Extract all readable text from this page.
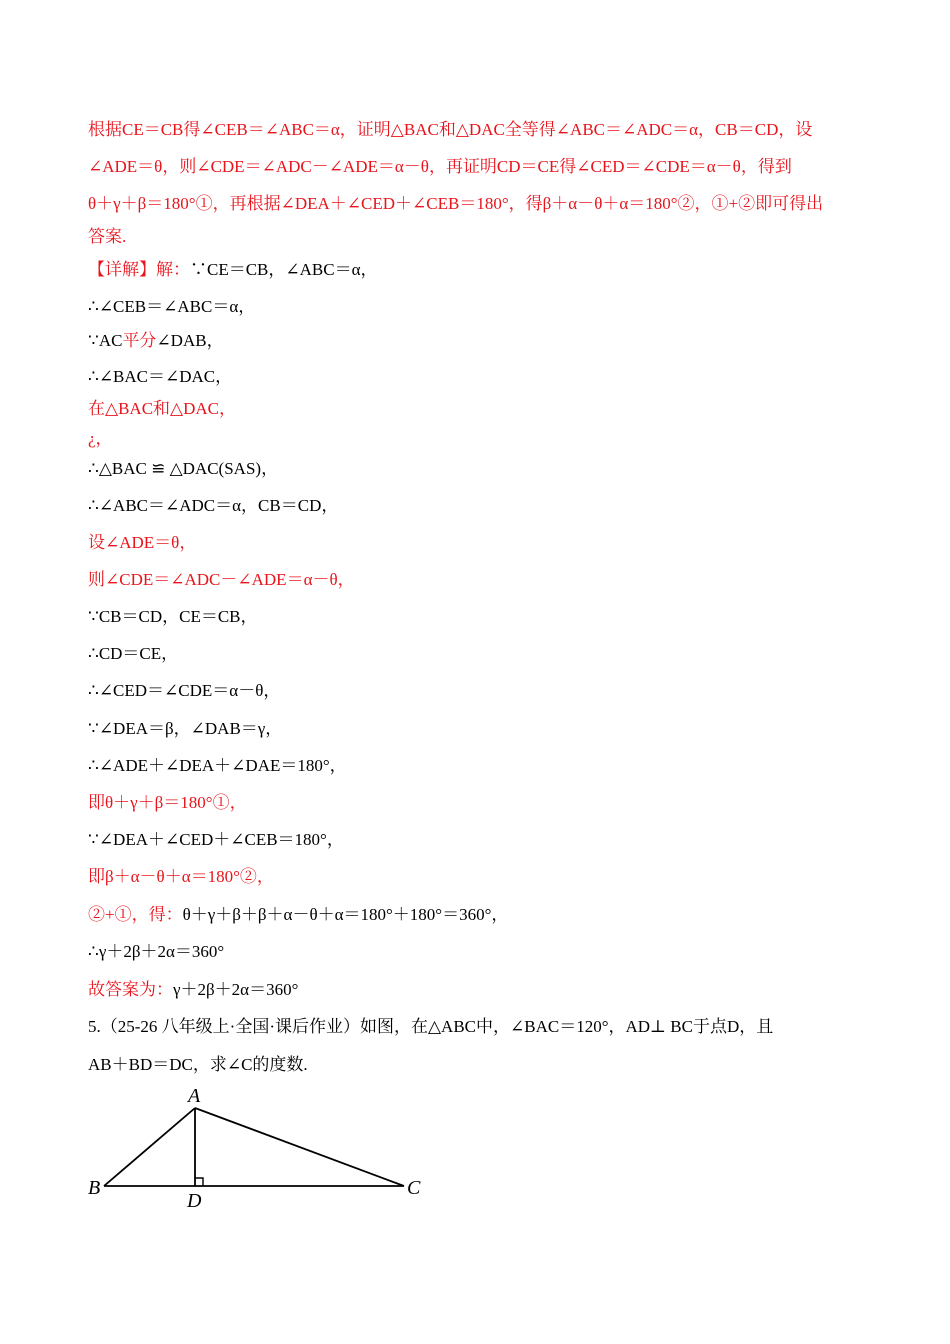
根据CE＝CB得∠CEB＝∠ABC＝α，证明△BAC和△DAC全等得∠ABC＝∠ADC＝α，CB＝CD，设
∠ADE＝θ，则∠CDE＝∠ADC－∠ADE＝α－θ，再证明CD＝CE得∠CED＝∠CDE＝α－θ，得到
θ＋γ＋β＝180°①，再根据∠DEA＋∠CED＋∠CEB＝180°，得β＋α－θ＋α＝180°②，①+②即可得出
答案.
【详解】解：∵CE＝CB，∠ABC＝α，
∴∠CEB＝∠ABC＝α，
∵AC平分∠DAB，
∴∠BAC＝∠DAC，
在△BAC和△DAC，
¿，
∴△BAC ≌ △DAC(SAS)，
∴∠ABC＝∠ADC＝α，CB＝CD，
设∠ADE＝θ，
则∠CDE＝∠ADC－∠ADE＝α－θ，
∵CB＝CD，CE＝CB，
∴CD＝CE，
∴∠CED＝∠CDE＝α－θ，
∵∠DEA＝β，∠DAB＝γ，
∴∠ADE＋∠DEA＋∠DAE＝180°，
即θ＋γ＋β＝180°①，
∵∠DEA＋∠CED＋∠CEB＝180°，
即β＋α－θ＋α＝180°②，
②+①，得：θ＋γ＋β＋β＋α－θ＋α＝180°＋180°＝360°，
∴γ＋2β＋2α＝360°
故答案为：γ＋2β＋2α＝360°
5.（25-26 八年级上·全国·课后作业）如图，在△ABC中，∠BAC＝120°，AD⊥ BC于点D，且
AB＋BD＝DC，求∠C的度数.
A
B	C
D
